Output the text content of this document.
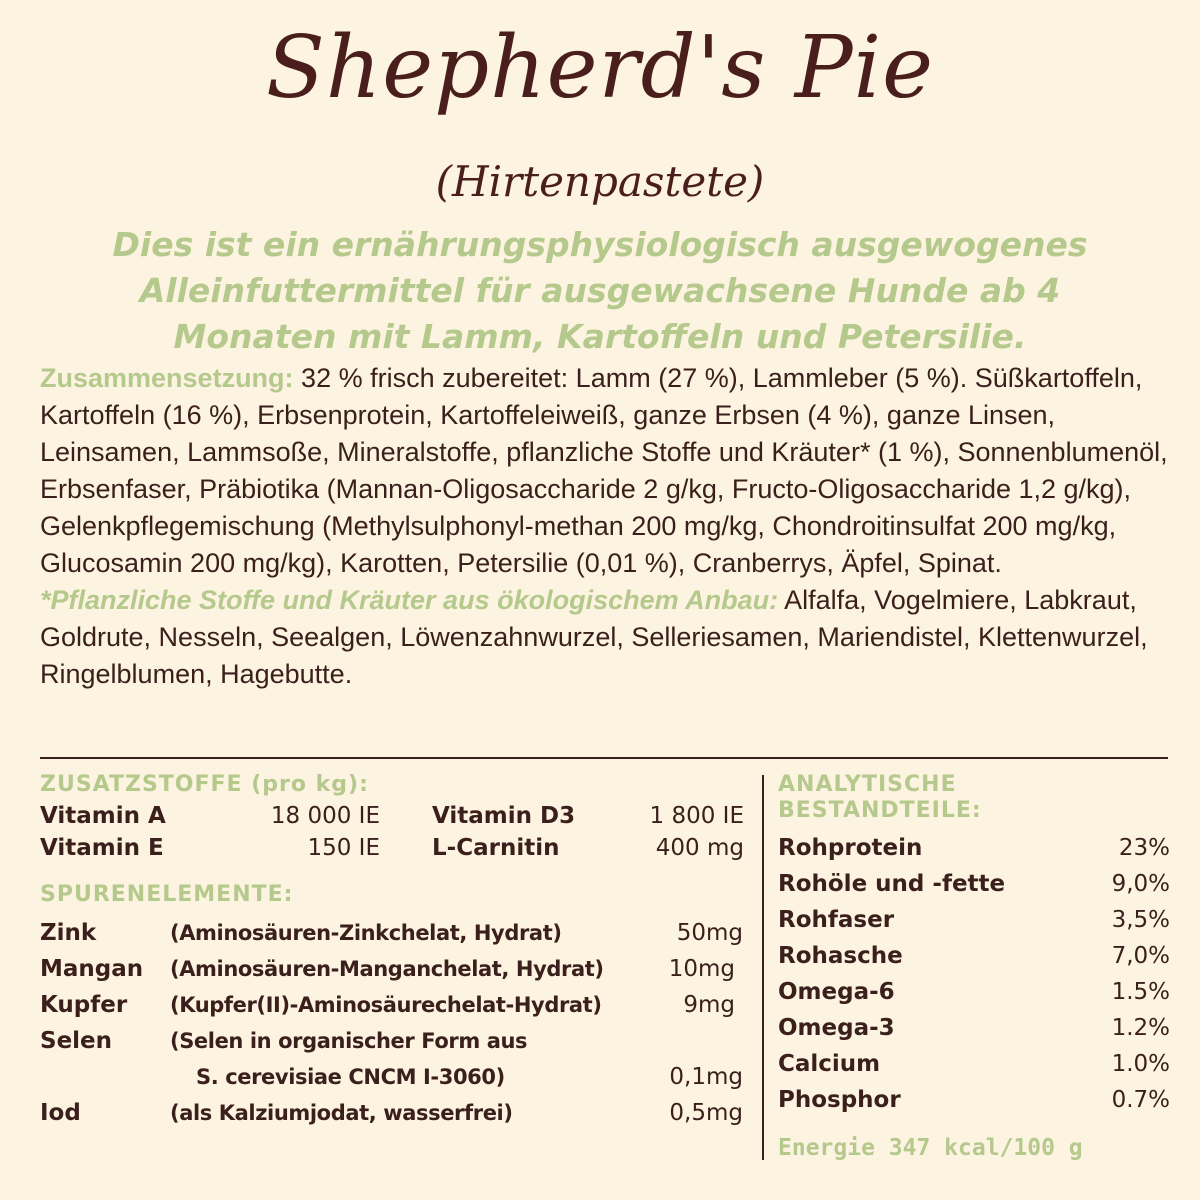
Shepherd's Pie
(Hirtenpastete)
Dies ist ein ernährungsphysiologisch ausgewogenes Alleinfuttermittel für ausgewachsene Hunde ab 4 Monaten mit Lamm, Kartoffeln und Petersilie.
Zusammensetzung: 32 % frisch zubereitet: Lamm (27 %), Lammleber (5 %). Süßkartoffeln, Kartoffeln (16 %), Erbsenprotein, Kartoffeleiweiß, ganze Erbsen (4 %), ganze Linsen, Leinsamen, Lammsoße, Mineralstoffe, pflanzliche Stoffe und Kräuter* (1 %), Sonnenblumenöl, Erbsenfaser, Präbiotika (Mannan-Oligosaccharide 2 g/kg, Fructo-Oligosaccharide 1,2 g/kg), Gelenkpflegemischung (Methylsulphonyl-methan 200 mg/kg, Chondroitinsulfat 200 mg/kg, Glucosamin 200 mg/kg), Karotten, Petersilie (0,01 %), Cranberrys, Äpfel, Spinat.
*Pflanzliche Stoffe und Kräuter aus ökologischem Anbau: Alfalfa, Vogelmiere, Labkraut, Goldrute, Nesseln, Seealgen, Löwenzahnwurzel, Selleriesamen, Mariendistel, Klettenwurzel, Ringelblumen, Hagebutte.
ZUSATZSTOFFE (pro kg):
Vitamin A	18 000 IE Vitamin D3	1 800 IE
Vitamin E	150 IE L-Carnitin	400 mg
SPURENELEMENTE:
Zink	(Aminosäuren-Zinkchelat, Hydrat)	50mg
Mangan (Aminosäuren-Manganchelat, Hydrat)	10mg
Kupfer (Kupfer(II)-Aminosäurechelat-Hydrat)	9mg
Selen	(Selen in organischer Form aus
S. cerevisiae CNCM I-3060)	0,1mg
Iod	(als Kalziumjodat, wasserfrei)	0,5mg
ANALYTISCHE
BESTANDTEILE:
Rohprotein	23%
Rohöle und -fette	9,0%
Rohfaser	3,5%
Rohasche	7,0%
Omega-6	1.5%
Omega-3	1.2%
Calcium	1.0%
Phosphor	0.7%
Energie 347 kcal/100 g
